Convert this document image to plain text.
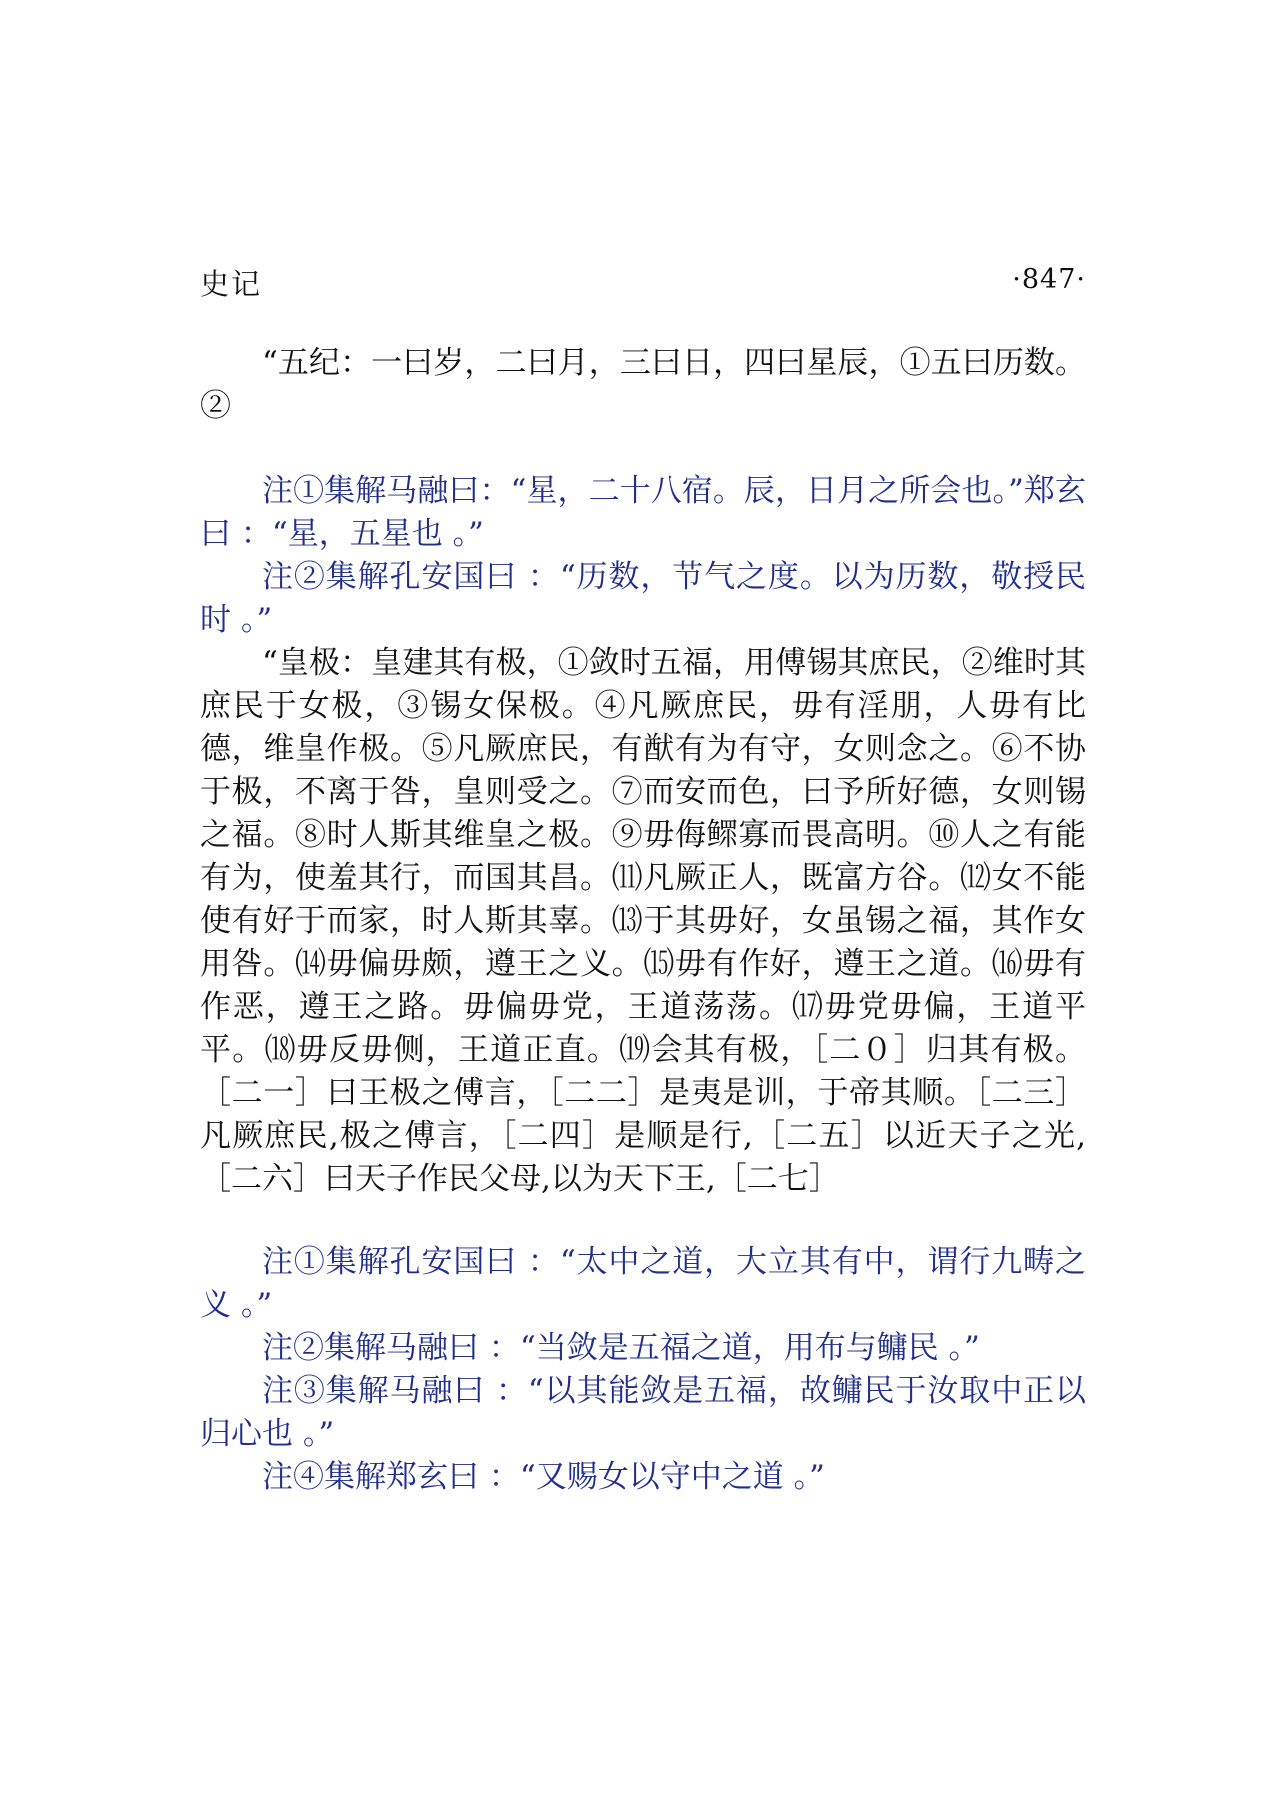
史记	·847·

“五纪：一曰岁，二曰月，三曰日，四曰星辰，①五曰历数。②

注①集解马融曰：“星，二十八宿。辰，日月之所会也。”郑玄曰 ：“星，五星也 。”

注②集解孔安国曰 ：“历数，节气之度。以为历数，敬授民时 。”

“皇极：皇建其有极，①敛时五福，用傅锡其庶民，②维时其庶民于女极，③锡女保极。④凡厥庶民，毋有淫朋，人毋有比德，维皇作极。⑤凡厥庶民，有猷有为有守，女则念之。⑥不协于极，不离于咎，皇则受之。⑦而安而色，曰予所好德，女则锡之福。⑧时人斯其维皇之极。⑨毋侮鳏寡而畏高明。⑩人之有能有为，使羞其行，而国其昌。⑾凡厥正人，既富方谷。⑿女不能使有好于而家，时人斯其辜。⒀于其毋好，女虽锡之福，其作女用咎。⒁毋偏毋颇，遵王之义。⒂毋有作好，遵王之道。⒃毋有作恶，遵王之路。毋偏毋党，王道荡荡。⒄毋党毋偏，王道平平。⒅毋反毋侧，王道正直。⒆会其有极，［二０］归其有极。［二一］曰王极之傅言，［二二］是夷是训，于帝其顺。［二三］凡厥庶民,极之傅言，［二四］是顺是行,［二五］以近天子之光,［二六］曰天子作民父母,以为天下王,［二七］

注①集解孔安国曰 ：“太中之道，大立其有中，谓行九畴之义 。”

注②集解马融曰 ：“当敛是五福之道，用布与鳙民 。”

注③集解马融曰 ：“以其能敛是五福，故鳙民于汝取中正以归心也 。”

注④集解郑玄曰 ：“又赐女以守中之道 。”
